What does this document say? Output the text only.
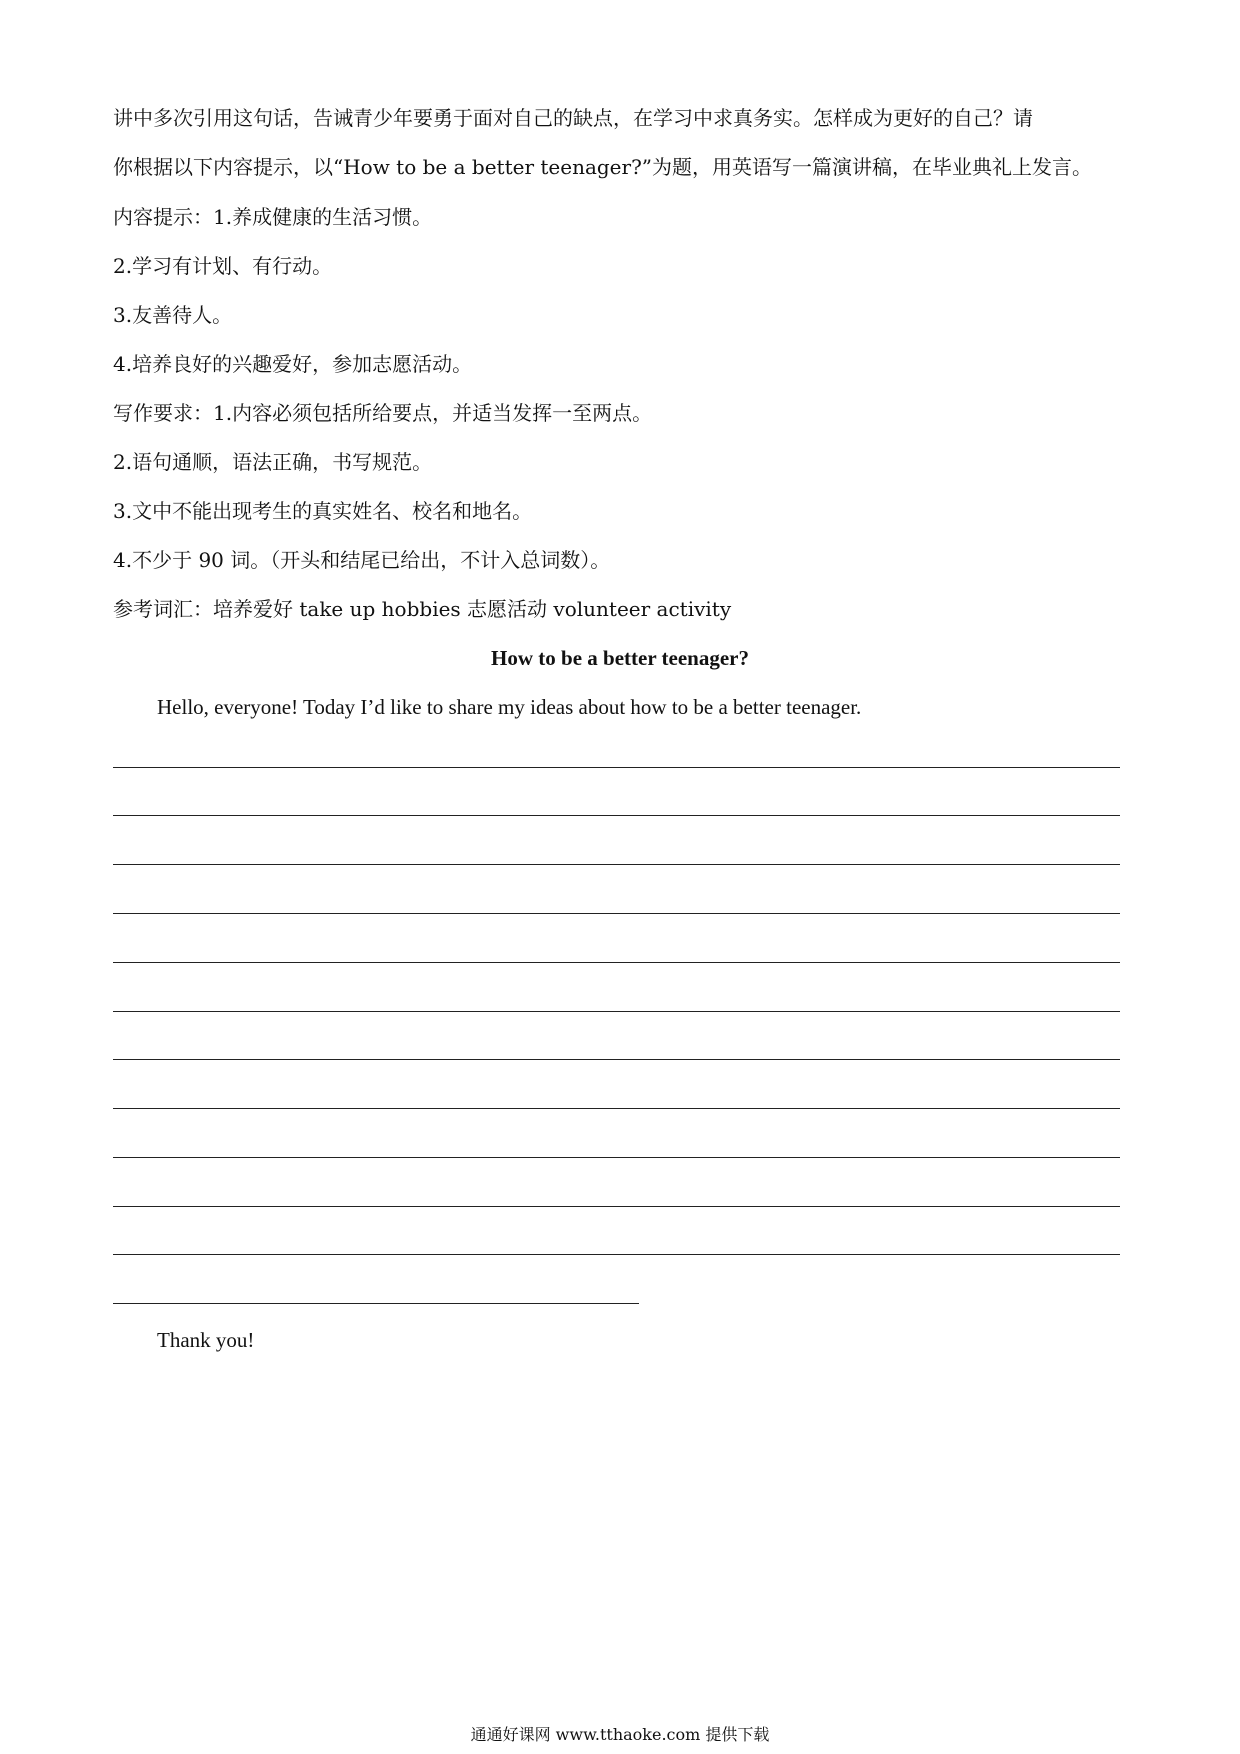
讲中多次引用这句话，告诫青少年要勇于面对自己的缺点，在学习中求真务实。怎样成为更好的自己？请
你根据以下内容提示，以“How to be a better teenager?”为题，用英语写一篇演讲稿，在毕业典礼上发言。
内容提示：1.养成健康的生活习惯。
2.学习有计划、有行动。
3.友善待人。
4.培养良好的兴趣爱好，参加志愿活动。
写作要求：1.内容必须包括所给要点，并适当发挥一至两点。
2.语句通顺，语法正确，书写规范。
3.文中不能出现考生的真实姓名、校名和地名。
4.不少于 90 词。（开头和结尾已给出，不计入总词数）。
参考词汇：培养爱好 take up hobbies 志愿活动 volunteer activity
How to be a better teenager?
Hello, everyone! Today I’d like to share my ideas about how to be a better teenager.
Thank you!
通通好课网 www.tthaoke.com 提供下载
